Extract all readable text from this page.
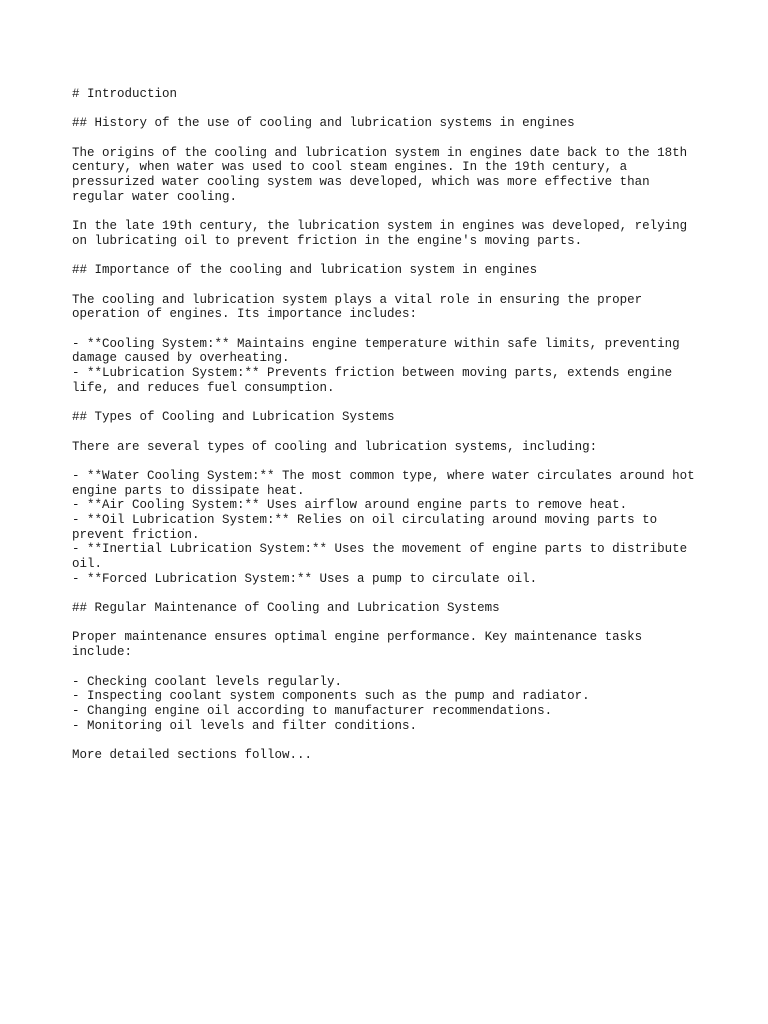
# Introduction
## History of the use of cooling and lubrication systems in engines
The origins of the cooling and lubrication system in engines date back to the 18th
century, when water was used to cool steam engines. In the 19th century, a
pressurized water cooling system was developed, which was more effective than
regular water cooling.
In the late 19th century, the lubrication system in engines was developed, relying
on lubricating oil to prevent friction in the engine's moving parts.
## Importance of the cooling and lubrication system in engines
The cooling and lubrication system plays a vital role in ensuring the proper
operation of engines. Its importance includes:
- **Cooling System:** Maintains engine temperature within safe limits, preventing
damage caused by overheating.
- **Lubrication System:** Prevents friction between moving parts, extends engine
life, and reduces fuel consumption.
## Types of Cooling and Lubrication Systems
There are several types of cooling and lubrication systems, including:
- **Water Cooling System:** The most common type, where water circulates around hot
engine parts to dissipate heat.
- **Air Cooling System:** Uses airflow around engine parts to remove heat.
- **Oil Lubrication System:** Relies on oil circulating around moving parts to
prevent friction.
- **Inertial Lubrication System:** Uses the movement of engine parts to distribute
oil.
- **Forced Lubrication System:** Uses a pump to circulate oil.
## Regular Maintenance of Cooling and Lubrication Systems
Proper maintenance ensures optimal engine performance. Key maintenance tasks
include:
- Checking coolant levels regularly.
- Inspecting coolant system components such as the pump and radiator.
- Changing engine oil according to manufacturer recommendations.
- Monitoring oil levels and filter conditions.
More detailed sections follow...
